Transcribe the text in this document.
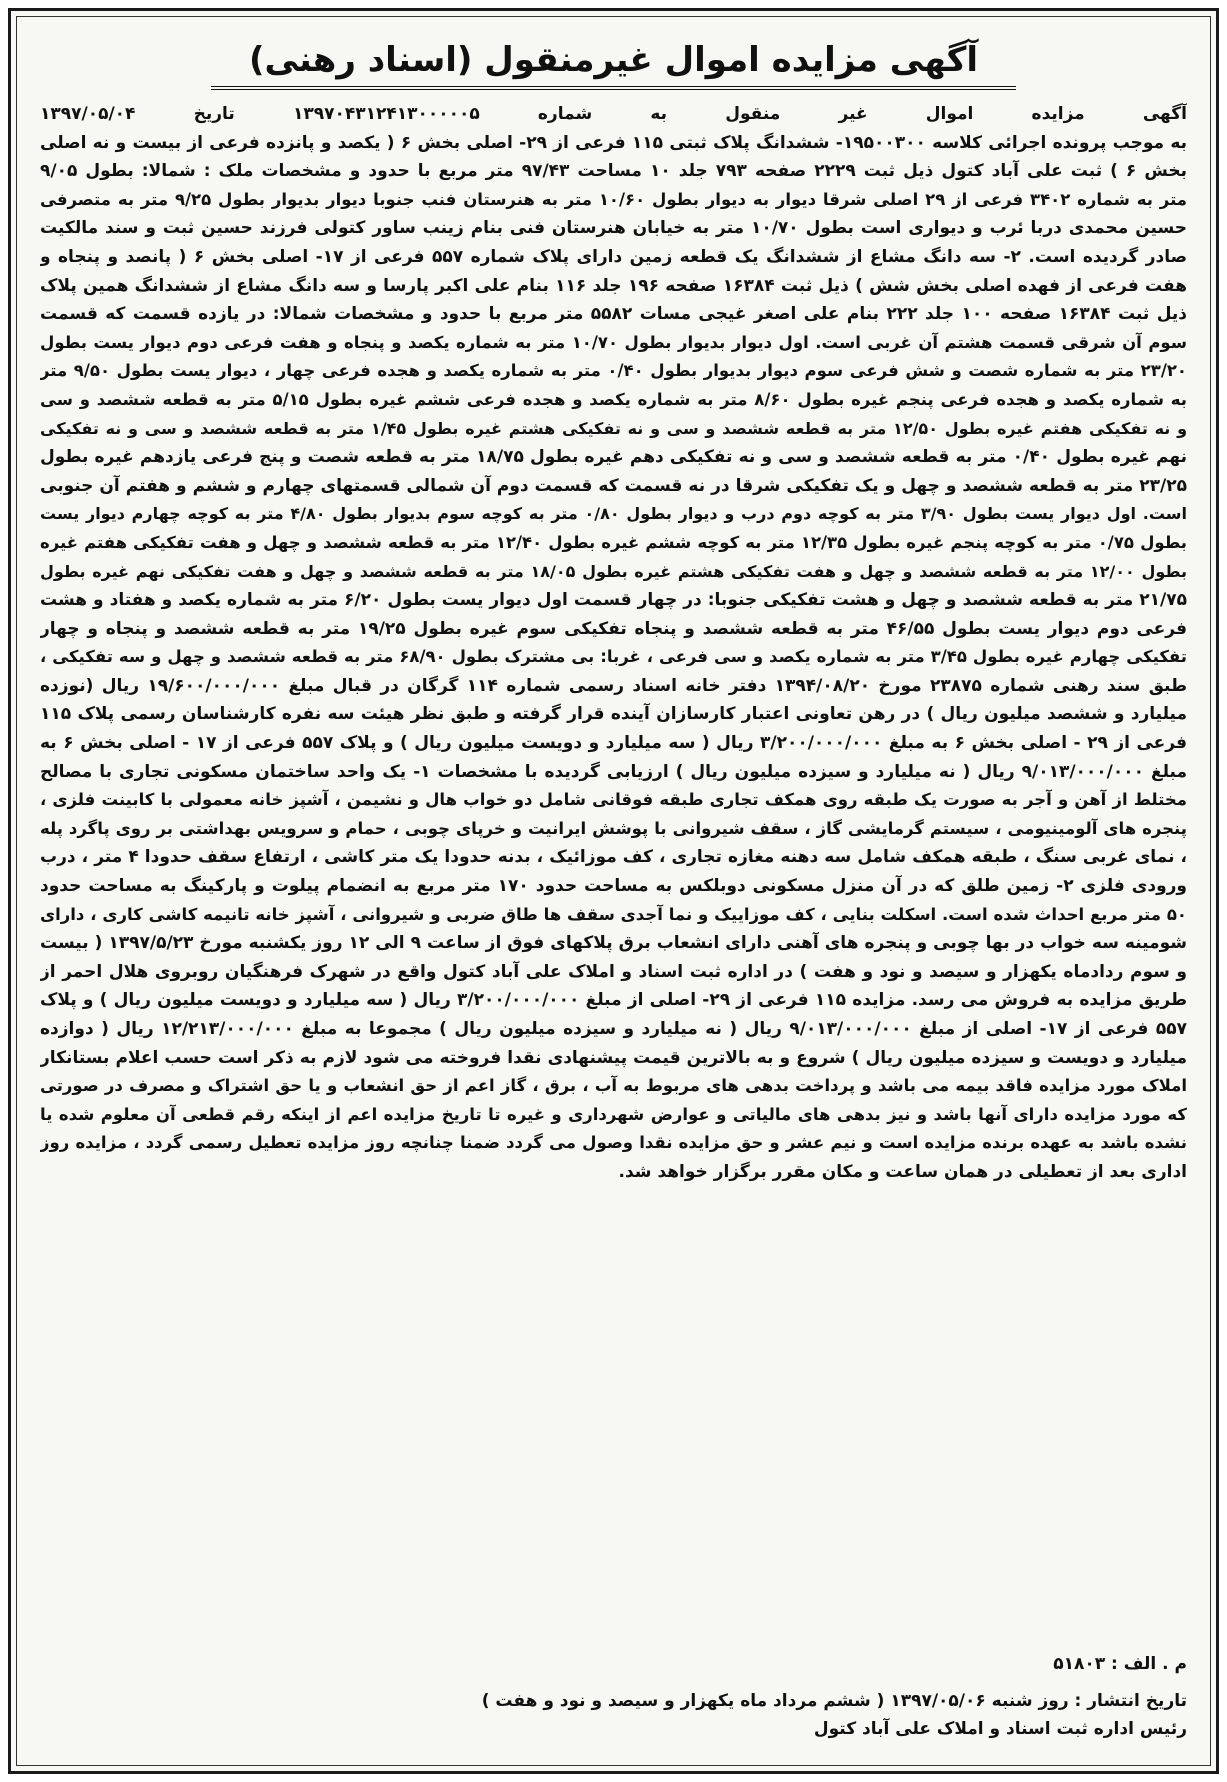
آگهی مزایده اموال غیرمنقول (اسناد رهنی)
آگهی مزایده اموال غیر منقول به شماره ۱۳۹۷۰۴۳۱۲۴۱۳۰۰۰۰۰۵ تاریخ ۱۳۹۷/۰۵/۰۴
به موجب پرونده اجرائی کلاسه ۱۹۵۰۰۳۰۰- ششدانگ پلاک ثبتی ۱۱۵ فرعی از ۲۹- اصلی بخش ۶ ( یکصد و پانزده فرعی از بیست و نه اصلی
بخش ۶ ) ثبت علی آباد کتول ذیل ثبت ۲۲۲۹ صفحه ۷۹۳ جلد ۱۰ مساحت ۹۷/۴۳ متر مربع با حدود و مشخصات ملک : شمالا: بطول ۹/۰۵
متر به شماره ۳۴۰۲ فرعی از ۲۹ اصلی شرقا دیوار به دیوار بطول ۱۰/۶۰ متر به هنرستان فنب جنوبا دیوار بدیوار بطول ۹/۲۵ متر به متصرفی
حسین محمدی دربا ئرب و دیواری است بطول ۱۰/۷۰ متر به خیابان هنرستان فنی بنام زینب ساور کتولی فرزند حسین ثبت و سند مالکیت
صادر گردیده است. ۲- سه دانگ مشاع از ششدانگ یک قطعه زمین دارای پلاک شماره ۵۵۷ فرعی از ۱۷- اصلی بخش ۶ ( پانصد و پنجاه و
هفت فرعی از فهده اصلی بخش شش ) ذیل ثبت ۱۶۳۸۴ صفحه ۱۹۶ جلد ۱۱۶ بنام علی اکبر پارسا و سه دانگ مشاع از ششدانگ همین پلاک
ذیل ثبت ۱۶۳۸۴ صفحه ۱۰۰ جلد ۲۲۲ بنام علی اصغر غیجی مسات ۵۵۸۲ متر مربع با حدود و مشخصات شمالا: در یازده قسمت که قسمت
سوم آن شرقی قسمت هشتم آن غربی است. اول دیوار بدیوار بطول ۱۰/۷۰ متر به شماره یکصد و پنجاه و هفت فرعی دوم دیوار یست بطول
۲۳/۲۰ متر به شماره شصت و شش فرعی سوم دیوار بدیوار بطول ۰/۴۰ متر به شماره یکصد و هجده فرعی چهار ، دیوار یست بطول ۹/۵۰ متر
به شماره یکصد و هجده فرعی پنجم غیره بطول ۸/۶۰ متر به شماره یکصد و هجده فرعی ششم غیره بطول ۵/۱۵ متر به قطعه ششصد و سی
و نه تفکیکی هفتم غیره بطول ۱۲/۵۰ متر به قطعه ششصد و سی و نه تفکیکی هشتم غیره بطول ۱/۴۵ متر به قطعه ششصد و سی و نه تفکیکی
نهم غیره بطول ۰/۴۰ متر به قطعه ششصد و سی و نه تفکیکی دهم غیره بطول ۱۸/۷۵ متر به قطعه شصت و پنج فرعی یازدهم غیره بطول
۲۳/۲۵ متر به قطعه ششصد و چهل و یک تفکیکی شرقا در نه قسمت که قسمت دوم آن شمالی قسمتهای چهارم و ششم و هفتم آن جنوبی
است. اول دیوار یست بطول ۳/۹۰ متر به کوچه دوم درب و دیوار بطول ۰/۸۰ متر به کوچه سوم بدیوار بطول ۴/۸۰ متر به کوچه چهارم دیوار یست
بطول ۰/۷۵ متر به کوچه پنجم غیره بطول ۱۲/۳۵ متر به کوچه ششم غیره بطول ۱۲/۴۰ متر به قطعه ششصد و چهل و هفت تفکیکی هفتم غیره
بطول ۱۲/۰۰ متر به قطعه ششصد و چهل و هفت تفکیکی هشتم غیره بطول ۱۸/۰۵ متر به قطعه ششصد و چهل و هفت تفکیکی نهم غیره بطول
۲۱/۷۵ متر به قطعه ششصد و چهل و هشت تفکیکی جنوبا: در چهار قسمت اول دیوار یست بطول ۶/۲۰ متر به شماره یکصد و هفتاد و هشت
فرعی دوم دیوار یست بطول ۴۶/۵۵ متر به قطعه ششصد و پنجاه تفکیکی سوم غیره بطول ۱۹/۲۵ متر به قطعه ششصد و پنجاه و چهار
تفکیکی چهارم غیره بطول ۳/۴۵ متر به شماره یکصد و سی فرعی ، غربا: بی مشترک بطول ۶۸/۹۰ متر به قطعه ششصد و چهل و سه تفکیکی ،
طبق سند رهنی شماره ۲۳۸۷۵ مورخ ۱۳۹۴/۰۸/۲۰ دفتر خانه اسناد رسمی شماره ۱۱۴ گرگان در قبال مبلغ ۱۹/۶۰۰/۰۰۰/۰۰۰ ریال (نوزده
میلیارد و ششصد میلیون ریال ) در رهن تعاونی اعتبار کارسازان آینده قرار گرفته و طبق نظر هیئت سه نفره کارشناسان رسمی پلاک ۱۱۵
فرعی از ۲۹ - اصلی بخش ۶ به مبلغ ۳/۲۰۰/۰۰۰/۰۰۰ ریال ( سه میلیارد و دویست میلیون ریال ) و پلاک ۵۵۷ فرعی از ۱۷ - اصلی بخش ۶ به
مبلغ ۹/۰۱۳/۰۰۰/۰۰۰ ریال ( نه میلیارد و سیزده میلیون ریال ) ارزیابی گردیده با مشخصات ۱- یک واحد ساختمان مسکونی تجاری با مصالح
مختلط از آهن و آجر به صورت یک طبقه روی همکف تجاری طبقه فوقانی شامل دو خواب هال و نشیمن ، آشپز خانه معمولی با کابینت فلزی ،
پنجره های آلومینیومی ، سیستم گرمایشی گاز ، سقف شیروانی با پوشش ایرانیت و خرپای چوبی ، حمام و سرویس بهداشتی بر روی پاگرد پله
، نمای غربی سنگ ، طبقه همکف شامل سه دهنه مغازه تجاری ، کف موزائیک ، بدنه حدودا یک متر کاشی ، ارتفاع سقف حدودا ۴ متر ، درب
ورودی فلزی ۲- زمین طلق که در آن منزل مسکونی دوبلکس به مساحت حدود ۱۷۰ متر مربع به انضمام پیلوت و پارکینگ به مساحت حدود
۵۰ متر مربع احداث شده است. اسکلت بنایی ، کف موزاییک و نما آجدی سقف ها طاق ضربی و شیروانی ، آشپز خانه تانیمه کاشی کاری ، دارای
شومینه سه خواب در بها چوبی و پنجره های آهنی دارای انشعاب برق پلاکهای فوق از ساعت ۹ الی ۱۲ روز یکشنبه مورخ ۱۳۹۷/۵/۲۳ ( بیست
و سوم ردادماه یکهزار و سیصد و نود و هفت ) در اداره ثبت اسناد و املاک علی آباد کتول واقع در شهرک فرهنگیان روبروی هلال احمر از
طریق مزایده به فروش می رسد. مزایده ۱۱۵ فرعی از ۲۹- اصلی از مبلغ ۳/۲۰۰/۰۰۰/۰۰۰ ریال ( سه میلیارد و دویست میلیون ریال ) و پلاک
۵۵۷ فرعی از ۱۷- اصلی از مبلغ ۹/۰۱۳/۰۰۰/۰۰۰ ریال ( نه میلیارد و سیزده میلیون ریال ) مجموعا به مبلغ ۱۲/۲۱۳/۰۰۰/۰۰۰ ریال ( دوازده
میلیارد و دویست و سیزده میلیون ریال ) شروع و به بالاترین قیمت پیشنهادی نقدا فروخته می شود لازم به ذکر است حسب اعلام بستانکار
املاک مورد مزایده فاقد بیمه می باشد و پرداخت بدهی های مربوط به آب ، برق ، گاز اعم از حق انشعاب و یا حق اشتراک و مصرف در صورتی
که مورد مزایده دارای آنها باشد و نیز بدهی های مالیاتی و عوارض شهرداری و غیره تا تاریخ مزایده اعم از اینکه رقم قطعی آن معلوم شده یا
نشده باشد به عهده برنده مزایده است و نیم عشر و حق مزایده نقدا وصول می گردد ضمنا چنانچه روز مزایده تعطیل رسمی گردد ، مزایده روز
اداری بعد از تعطیلی در همان ساعت و مکان مقرر برگزار خواهد شد.
م . الف : ۵۱۸۰۳
تاریخ انتشار : روز شنبه ۱۳۹۷/۰۵/۰۶ ( ششم مرداد ماه یکهزار و سیصد و نود و هفت )
رئیس اداره ثبت اسناد و املاک علی آباد کتول
